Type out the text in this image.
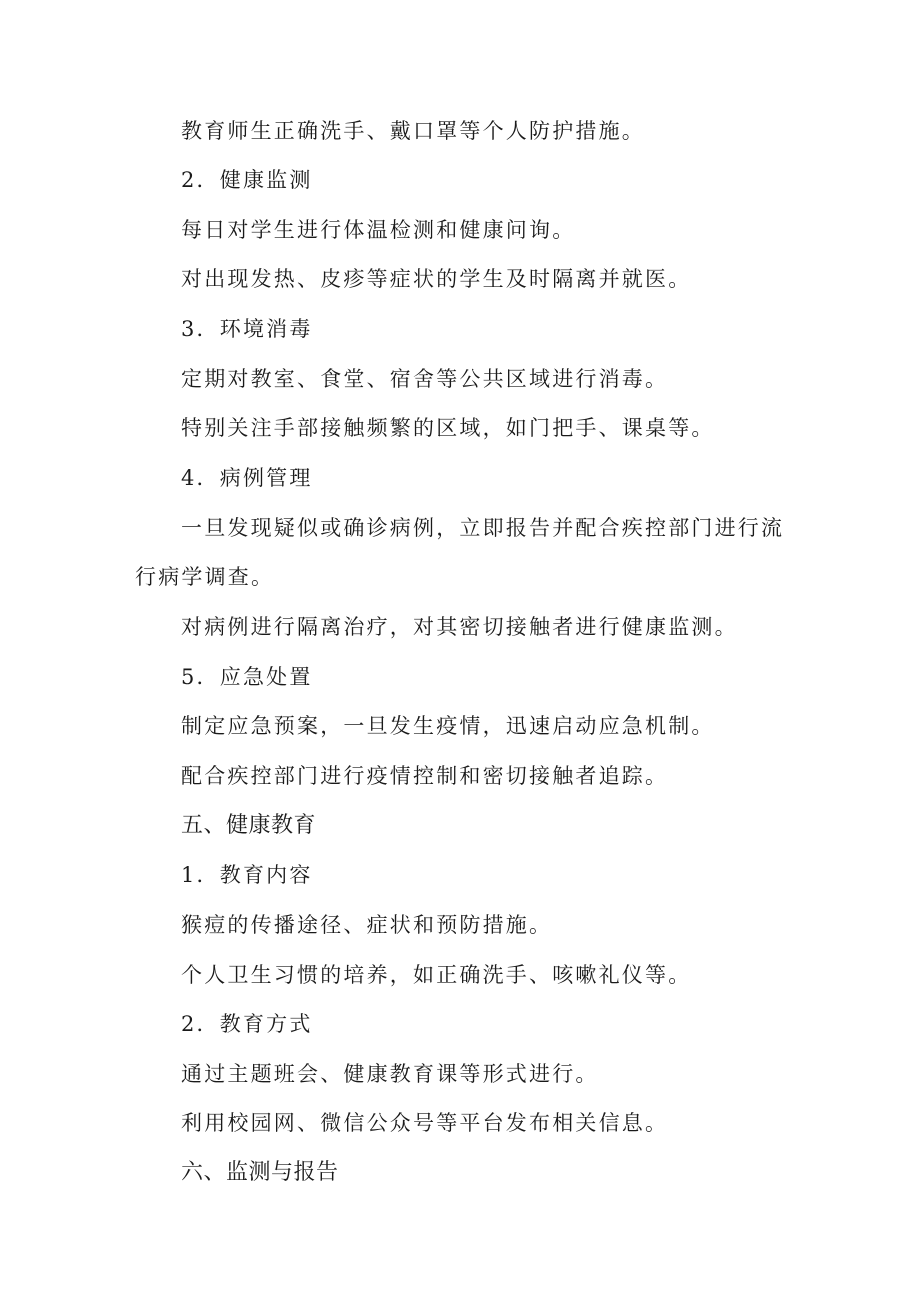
教育师生正确洗手、戴口罩等个人防护措施。
2．健康监测
每日对学生进行体温检测和健康问询。
对出现发热、皮疹等症状的学生及时隔离并就医。
3．环境消毒
定期对教室、食堂、宿舍等公共区域进行消毒。
特别关注手部接触频繁的区域，如门把手、课桌等。
4．病例管理
一旦发现疑似或确诊病例，立即报告并配合疾控部门进行流
行病学调查。
对病例进行隔离治疗，对其密切接触者进行健康监测。
5．应急处置
制定应急预案，一旦发生疫情，迅速启动应急机制。
配合疾控部门进行疫情控制和密切接触者追踪。
五、健康教育
1．教育内容
猴痘的传播途径、症状和预防措施。
个人卫生习惯的培养，如正确洗手、咳嗽礼仪等。
2．教育方式
通过主题班会、健康教育课等形式进行。
利用校园网、微信公众号等平台发布相关信息。
六、监测与报告
